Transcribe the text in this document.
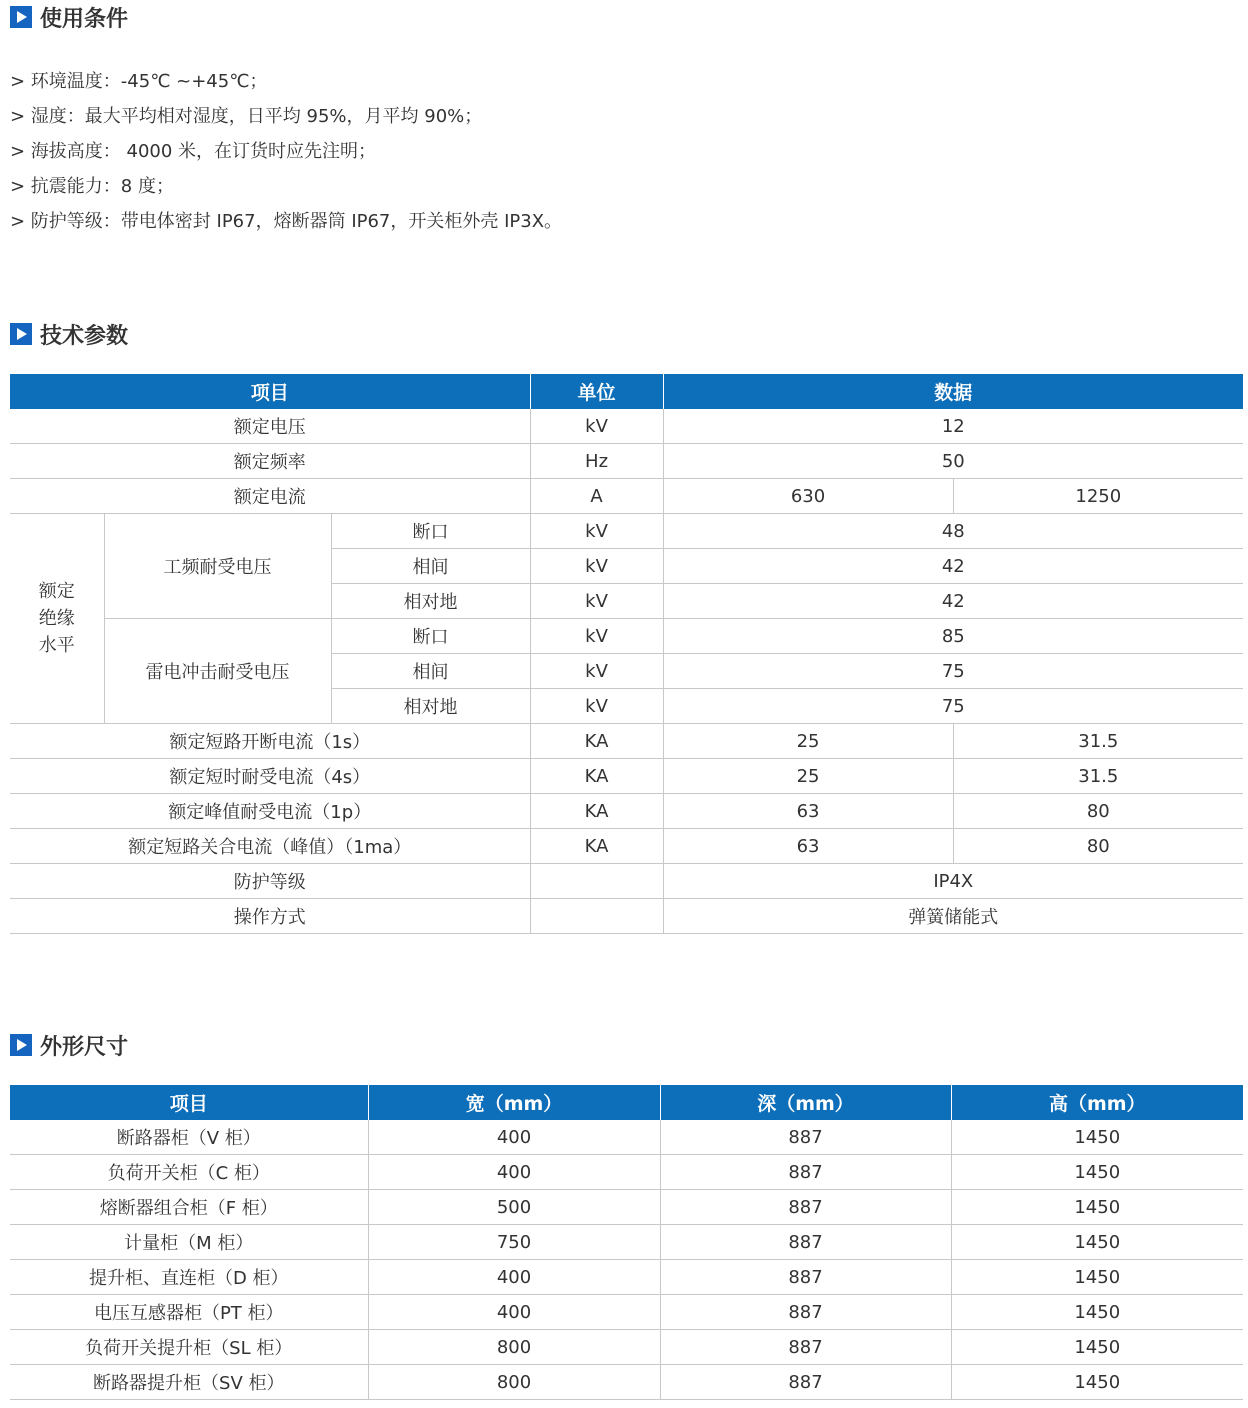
使用条件
> 环境温度：-45℃ ~+45℃；
> 湿度：最大平均相对湿度，日平均 95%，月平均 90%；
> 海拔高度： 4000 米，在订货时应先注明；
> 抗震能力：8 度；
> 防护等级：带电体密封 IP67，熔断器筒 IP67，开关柜外壳 IP3X。
技术参数
项目			单位	数据	
额定电压			kV	12	
额定频率			Hz	50	
额定电流			A	630	1250
额定绝缘水平	工频耐受电压	断口	kV	48	
		相间	kV	42	
		相对地	kV	42	
	雷电冲击耐受电压	断口	kV	85	
		相间	kV	75	
		相对地	kV	75	
额定短路开断电流（1s）			KA	25	31.5
额定短时耐受电流（4s）			KA	25	31.5
额定峰值耐受电流（1p）			KA	63	80
额定短路关合电流（峰值）（1ma）			KA	63	80
防护等级				IP4X	
操作方式				弹簧储能式	
外形尺寸
项目	宽（mm）	深（mm）	高（mm）
断路器柜（V 柜）	400	887	1450
负荷开关柜（C 柜）	400	887	1450
熔断器组合柜（F 柜）	500	887	1450
计量柜（M 柜）	750	887	1450
提升柜、直连柜（D 柜）	400	887	1450
电压互感器柜（PT 柜）	400	887	1450
负荷开关提升柜（SL 柜）	800	887	1450
断路器提升柜（SV 柜）	800	887	1450
